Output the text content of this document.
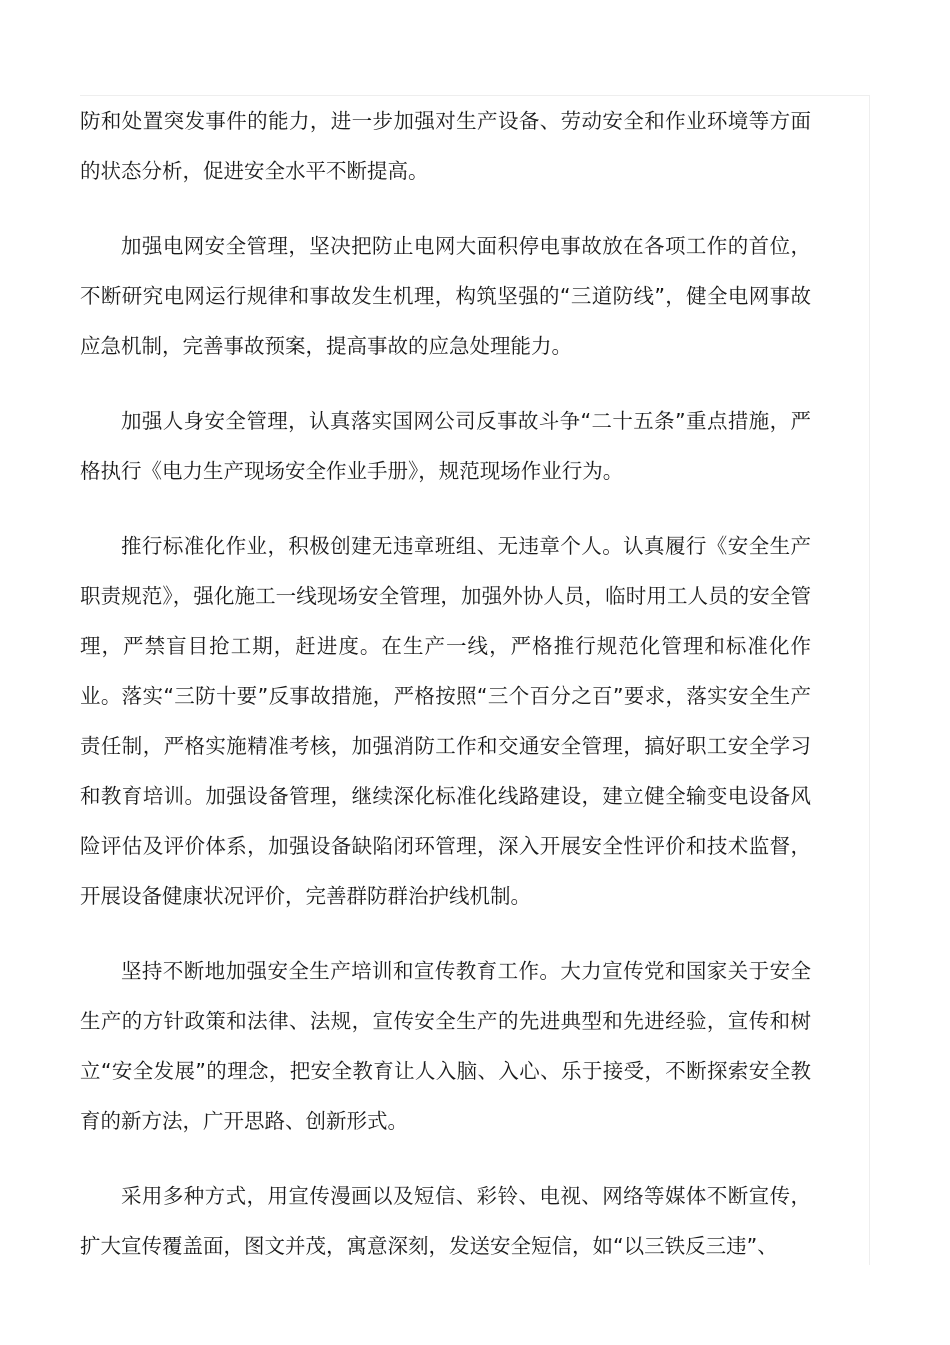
防和处置突发事件的能力，进一步加强对生产设备、劳动安全和作业环境等方面的状态分析，促进安全水平不断提高。

加强电网安全管理，坚决把防止电网大面积停电事故放在各项工作的首位，不断研究电网运行规律和事故发生机理，构筑坚强的“三道防线”，健全电网事故应急机制，完善事故预案，提高事故的应急处理能力。

加强人身安全管理，认真落实国网公司反事故斗争“二十五条”重点措施，严格执行《电力生产现场安全作业手册》，规范现场作业行为。

推行标准化作业，积极创建无违章班组、无违章个人。认真履行《安全生产职责规范》，强化施工一线现场安全管理，加强外协人员，临时用工人员的安全管理，严禁盲目抢工期，赶进度。在生产一线，严格推行规范化管理和标准化作业。落实“三防十要”反事故措施，严格按照“三个百分之百”要求，落实安全生产责任制，严格实施精准考核，加强消防工作和交通安全管理，搞好职工安全学习和教育培训。加强设备管理，继续深化标准化线路建设，建立健全输变电设备风险评估及评价体系，加强设备缺陷闭环管理，深入开展安全性评价和技术监督，开展设备健康状况评价，完善群防群治护线机制。

坚持不断地加强安全生产培训和宣传教育工作。大力宣传党和国家关于安全生产的方针政策和法律、法规，宣传安全生产的先进典型和先进经验，宣传和树立“安全发展”的理念，把安全教育让人入脑、入心、乐于接受，不断探索安全教育的新方法，广开思路、创新形式。

采用多种方式，用宣传漫画以及短信、彩铃、电视、网络等媒体不断宣传，扩大宣传覆盖面，图文并茂，寓意深刻，发送安全短信，如“以三铁反三违”、
